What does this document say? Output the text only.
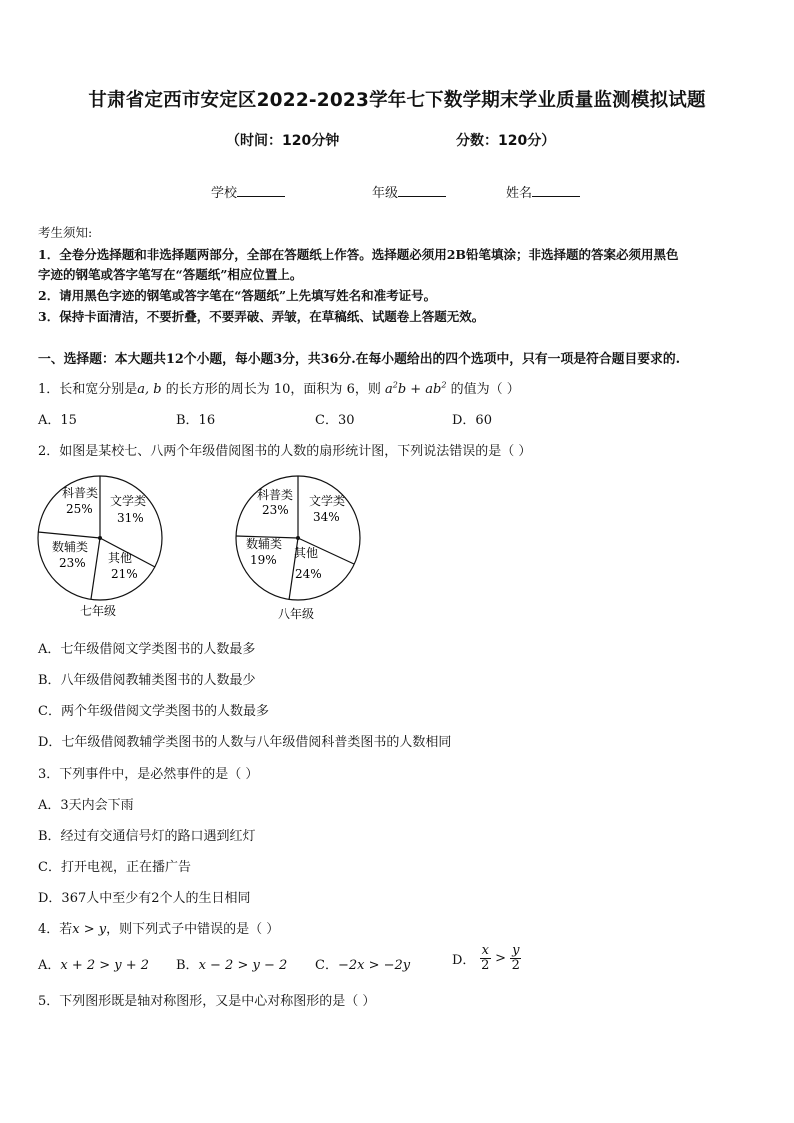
甘肃省定西市安定区2022-2023学年七下数学期末学业质量监测模拟试题
（时间：120分钟	分数：120分）
学校	年级	姓名
考生须知:
1．全卷分选择题和非选择题两部分，全部在答题纸上作答。选择题必须用2B铅笔填涂；非选择题的答案必须用黑色
字迹的钢笔或答字笔写在“答题纸”相应位置上。
2．请用黑色字迹的钢笔或答字笔在“答题纸”上先填写姓名和准考证号。
3．保持卡面清洁，不要折叠，不要弄破、弄皱，在草稿纸、试题卷上答题无效。
一、选择题：本大题共12个小题，每小题3分，共36分.在每小题给出的四个选项中，只有一项是符合题目要求的.
1．长和宽分别是a, b 的长方形的周长为 10，面积为 6，则 $a^2b + ab^2$ 的值为（ ）
A．15	B．16	C．30	D．60
2．如图是某校七、八两个年级借阅图书的人数的扇形统计图，下列说法错误的是（ ）
科普类
25%
文学类
31%
数辅类
23% 其他
21%
七年级
科普类
23%
文学类
34%
数辅类
19% 其他
24%
八年级
A．七年级借阅文学类图书的人数最多
B．八年级借阅教辅类图书的人数最少
C．两个年级借阅文学类图书的人数最多
D．七年级借阅教辅学类图书的人数与八年级借阅科普类图书的人数相同
3．下列事件中，是必然事件的是（ ）
A．3天内会下雨
B．经过有交通信号灯的路口遇到红灯
C．打开电视，正在播广告
D．367人中至少有2个人的生日相同
4．若x > y，则下列式子中错误的是（ ）
A．x + 2 > y + 2 B．x − 2 > y − 2 C．−2x > −2y	D． $\frac{x}{2} > \frac{y}{2}$
5．下列图形既是轴对称图形，又是中心对称图形的是（ ）
